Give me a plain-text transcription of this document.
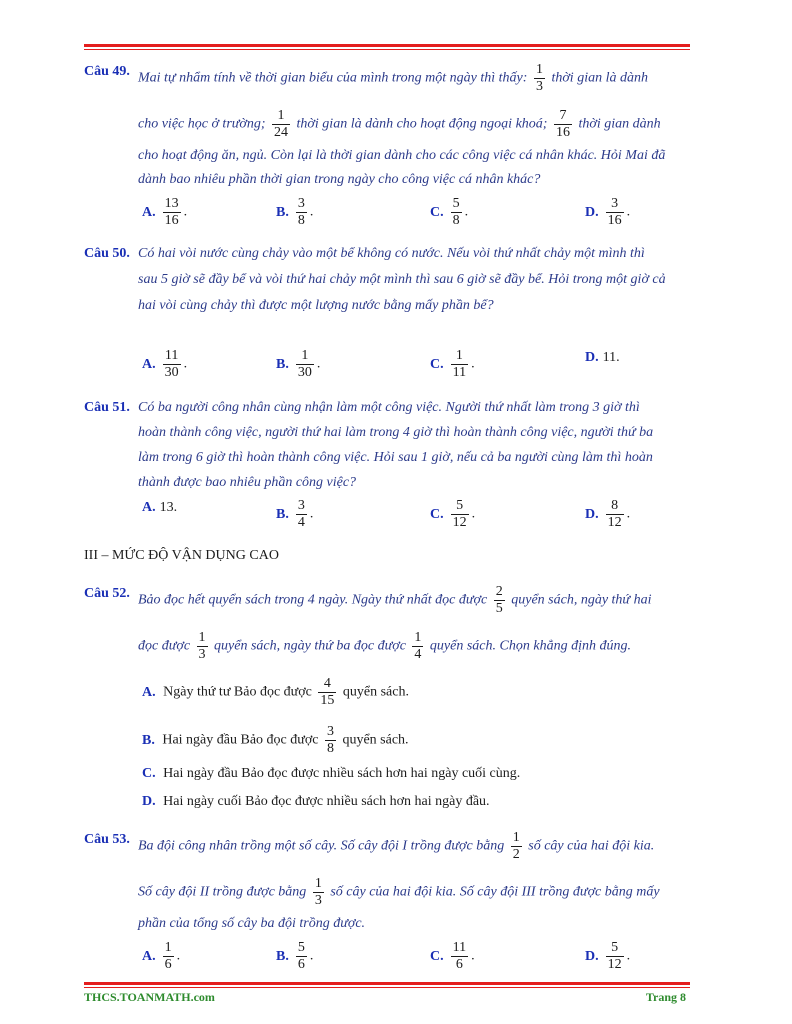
Câu 49. Mai tự nhẩm tính về thời gian biểu của mình trong một ngày thì thấy: $\frac{1}{3}$ thời gian là dành
cho việc học ở trường; $\frac{1}{24}$ thời gian là dành cho hoạt động ngoại khoá; $\frac{7}{16}$ thời gian dành
cho hoạt động ăn, ngủ. Còn lại là thời gian dành cho các công việc cá nhân khác. Hỏi Mai đã
dành bao nhiêu phần thời gian trong ngày cho công việc cá nhân khác?
A. $\frac{13}{16}$ .	B. $\frac{3}{8}$ .	C. $\frac{5}{8}$ .	D. $\frac{3}{16}$ .
Câu 50. Có hai vòi nước cùng chảy vào một bể không có nước. Nếu vòi thứ nhất chảy một mình thì
sau 5 giờ sẽ đầy bể và vòi thứ hai chảy một mình thì sau 6 giờ sẽ đầy bể. Hỏi trong một giờ cả
hai vòi cùng chảy thì được một lượng nước bằng mấy phần bể?
A. $\frac{11}{30}$ .	B. $\frac{1}{30}$ .	C. $\frac{1}{11}$ .	D. 11.
Câu 51. Có ba người công nhân cùng nhận làm một công việc. Người thứ nhất làm trong 3 giờ thì
hoàn thành công việc, người thứ hai làm trong 4 giờ thì hoàn thành công việc, người thứ ba
làm trong 6 giờ thì hoàn thành công việc. Hỏi sau 1 giờ, nếu cả ba người cùng làm thì hoàn
thành được bao nhiêu phần công việc?
A. 13.	B. $\frac{3}{4}$ .	C. $\frac{5}{12}$ .	D. $\frac{8}{12}$ .
III – MỨC ĐỘ VẬN DỤNG CAO
Câu 52. Bảo đọc hết quyển sách trong 4 ngày. Ngày thứ nhất đọc được $\frac{2}{5}$ quyển sách, ngày thứ hai
đọc được $\frac{1}{3}$ quyển sách, ngày thứ ba đọc được $\frac{1}{4}$ quyển sách. Chọn khẳng định đúng.
A. Ngày thứ tư Bảo đọc được $\frac{4}{15}$ quyển sách.
B. Hai ngày đầu Bảo đọc được $\frac{3}{8}$ quyển sách.
C. Hai ngày đầu Bảo đọc được nhiều sách hơn hai ngày cuối cùng.
D. Hai ngày cuối Bảo đọc được nhiều sách hơn hai ngày đầu.
Câu 53. Ba đội công nhân trồng một số cây. Số cây đội I trồng được bằng $\frac{1}{2}$ số cây của hai đội kia.
Số cây đội II trồng được bằng $\frac{1}{3}$ số cây của hai đội kia. Số cây đội III trồng được bằng mấy
phần của tổng số cây ba đội trồng được.
A. $\frac{1}{6}$ .	B. $\frac{5}{6}$ .	C. $\frac{11}{6}$ .	D. $\frac{5}{12}$ .
THCS.TOANMATH.com	Trang 8
